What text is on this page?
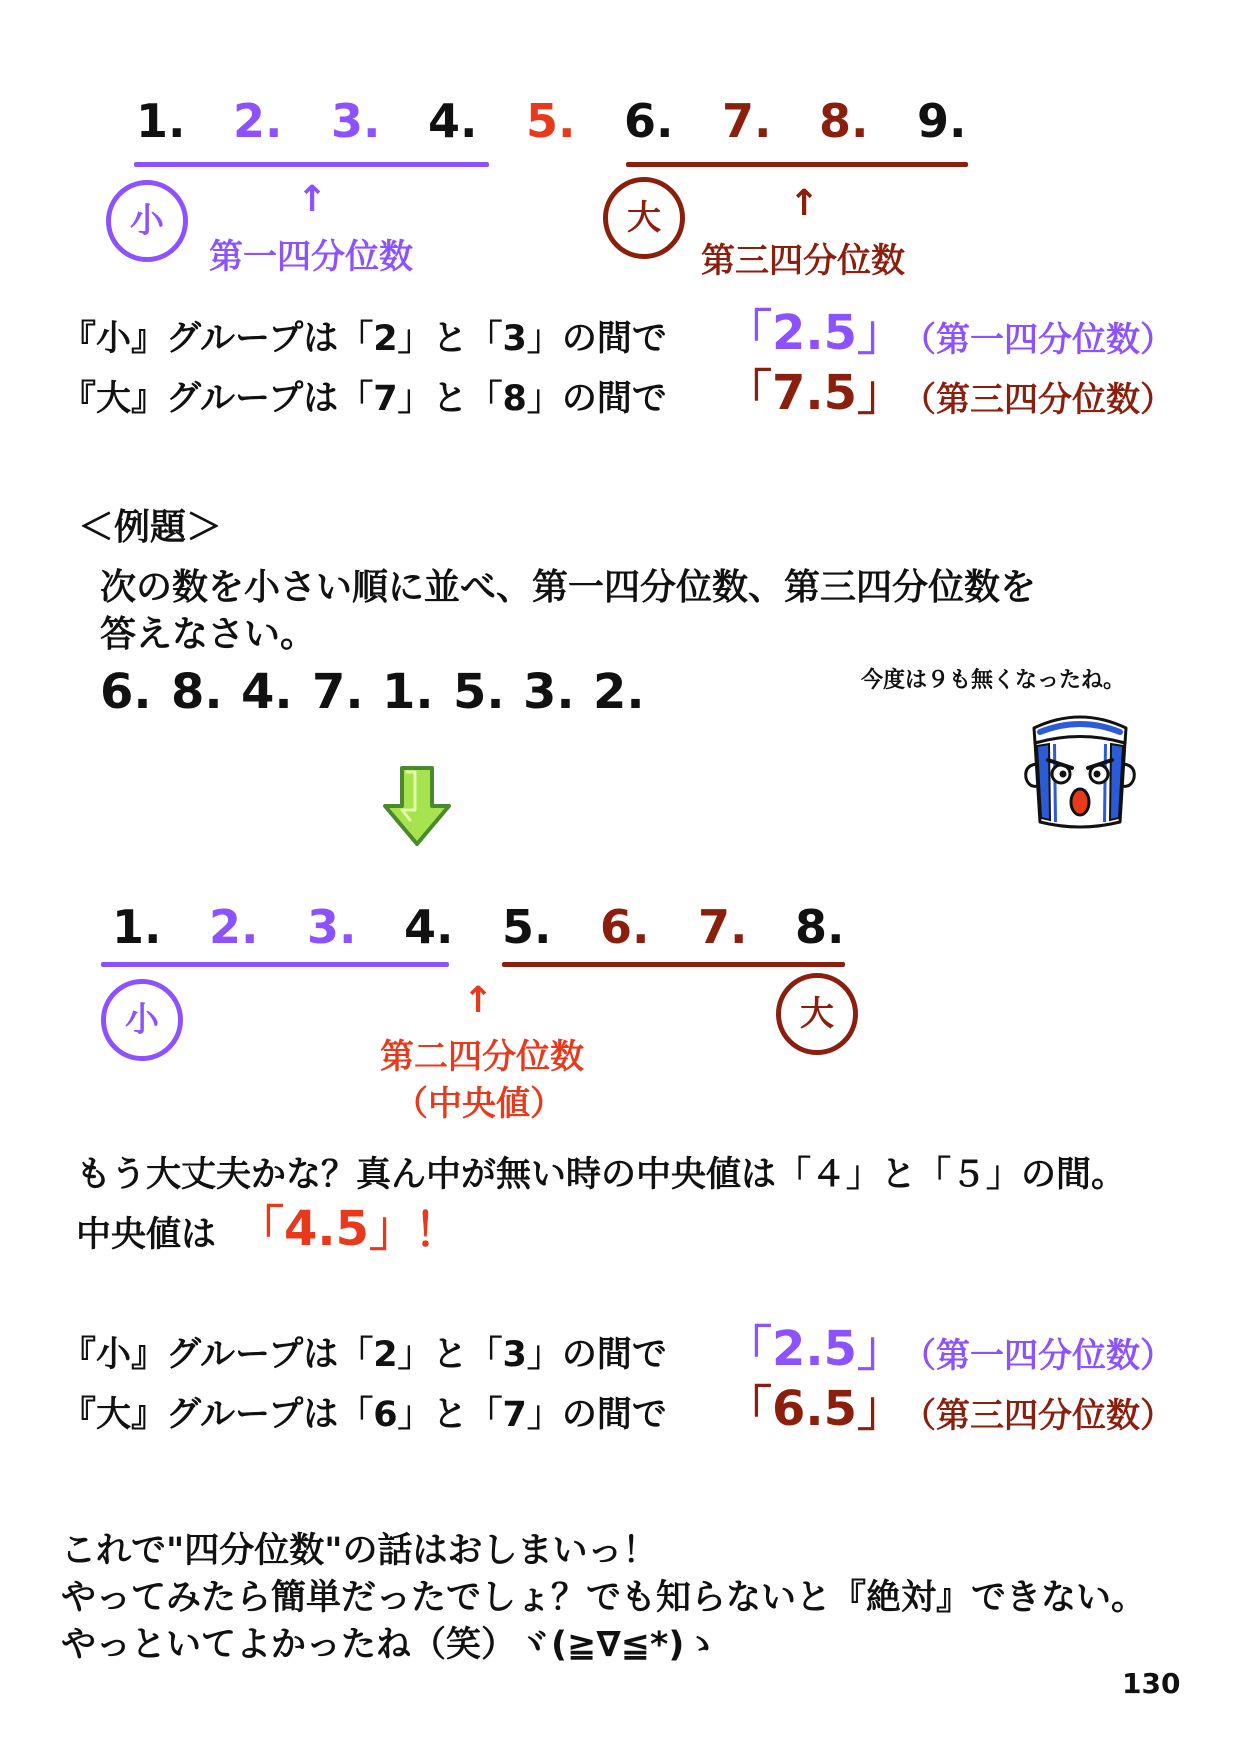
1. 2. 3. 4. 5. 6. 7. 8. 9.
小
↑
第一四分位数
大	↑
第三四分位数
『小』グループは「2」と「3」の間で 「2.5」
（第一四分位数）
『大』グループは「7」と「8」の間で 「7.5」
（第三四分位数）
＜例題＞
次の数を小さい順に並べ、第一四分位数、第三四分位数を
答えなさい。
6. 8. 4. 7. 1. 5. 3. 2.	今度は９も無くなったね。
1. 2. 3. 4. 5. 6. 7. 8.
小	大
↑
第二四分位数
（中央値）
もう大丈夫かな？真ん中が無い時の中央値は「４」と「５」の間。
中央値は 「4.5」
！
『小』グループは「2」と「3」の間で 「2.5」
（第一四分位数）
『大』グループは「6」と「7」の間で 「6.5」
（第三四分位数）
これで"四分位数"の話はおしまいっ！
やってみたら簡単だったでしょ？でも知らないと『絶対』できない。
やっといてよかったね（笑）ヾ(≧∇≦*)ゝ
130
